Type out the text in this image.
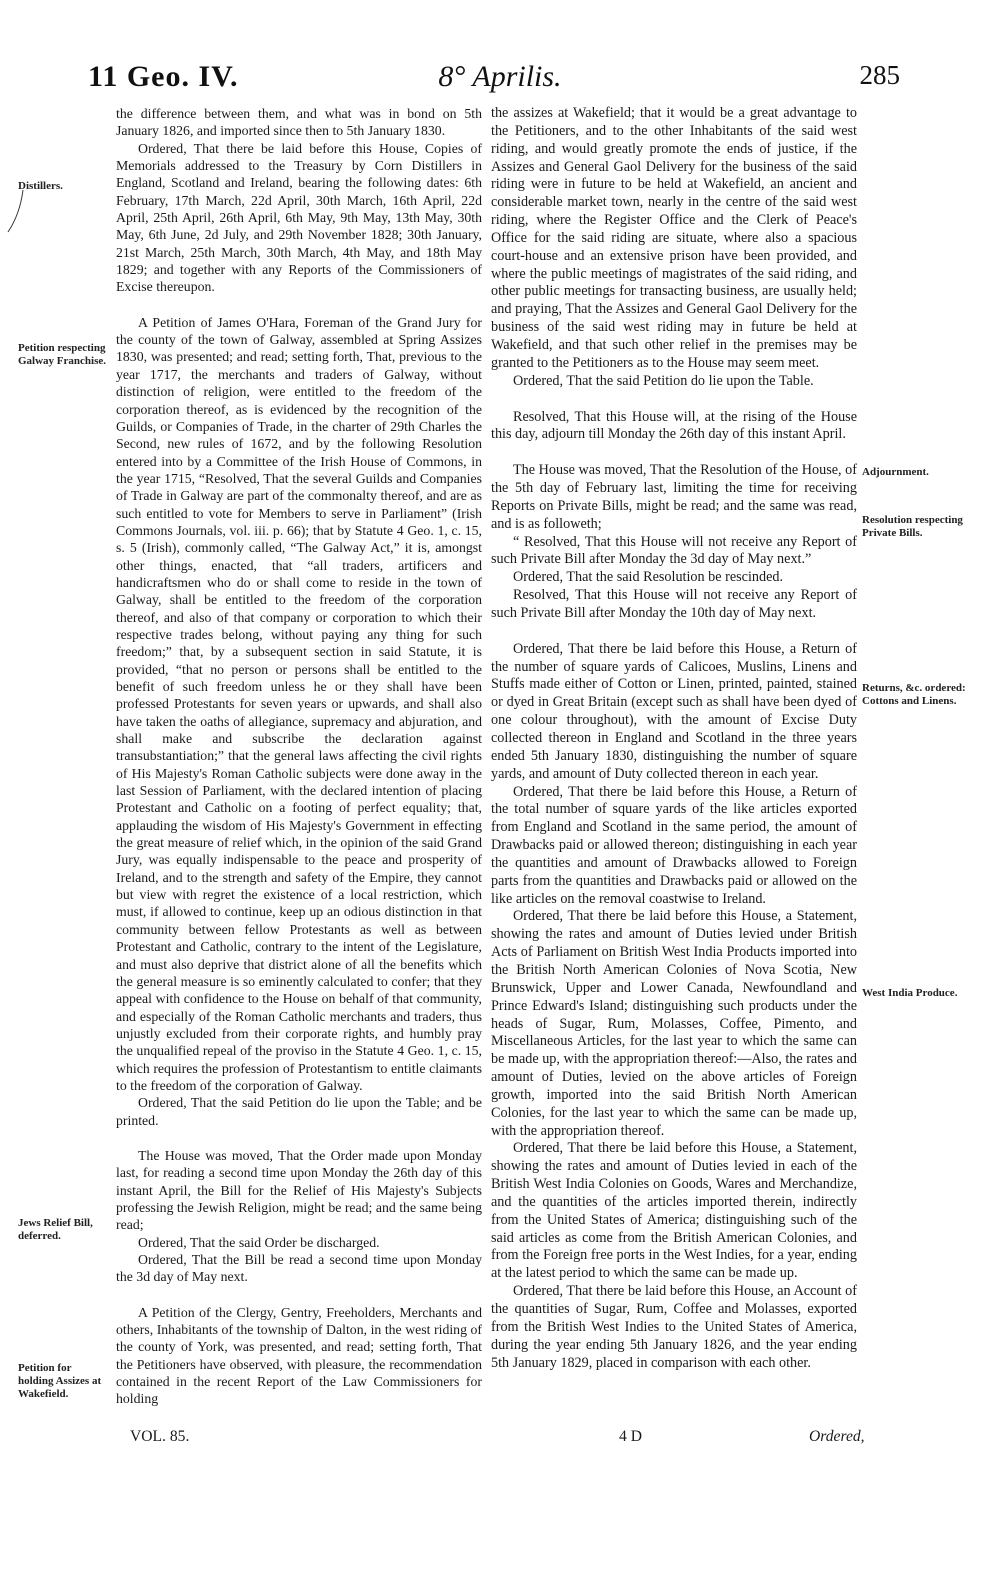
11 Geo. IV.	8° Aprilis.	285
Distillers.
Petition respecting Galway Franchise.
Jews Relief Bill, deferred.
Petition for holding Assizes at Wakefield.
Adjournment.
Resolution respecting Private Bills.
Returns, &c. ordered: Cottons and Linens.
West India Produce.

the difference between them, and what was in bond on 5th January 1826, and imported since then to 5th January 1830.

Ordered, That there be laid before this House, Copies of Memorials addressed to the Treasury by Corn Distillers in England, Scotland and Ireland, bearing the following dates: 6th February, 17th March, 22d April, 30th March, 16th April, 22d April, 25th April, 26th April, 6th May, 9th May, 13th May, 30th May, 6th June, 2d July, and 29th November 1828; 30th January, 21st March, 25th March, 30th March, 4th May, and 18th May 1829; and together with any Reports of the Commissioners of Excise thereupon.

A Petition of James O'Hara, Foreman of the Grand Jury for the county of the town of Galway, assembled at Spring Assizes 1830, was presented; and read; setting forth, That, previous to the year 1717, the merchants and traders of Galway, without distinction of religion, were entitled to the freedom of the corporation thereof, as is evidenced by the recognition of the Guilds, or Companies of Trade, in the charter of 29th Charles the Second, new rules of 1672, and by the following Resolution entered into by a Committee of the Irish House of Commons, in the year 1715, “Resolved, That the several Guilds and Companies of Trade in Galway are part of the commonalty thereof, and are as such entitled to vote for Members to serve in Parliament” (Irish Commons Journals, vol. iii. p. 66); that by Statute 4 Geo. 1, c. 15, s. 5 (Irish), commonly called, “The Galway Act,” it is, amongst other things, enacted, that “all traders, artificers and handicraftsmen who do or shall come to reside in the town of Galway, shall be entitled to the freedom of the corporation thereof, and also of that company or corporation to which their respective trades belong, without paying any thing for such freedom;” that, by a subsequent section in said Statute, it is provided, “that no person or persons shall be entitled to the benefit of such freedom unless he or they shall have been professed Protestants for seven years or upwards, and shall also have taken the oaths of allegiance, supremacy and abjuration, and shall make and subscribe the declaration against transubstantiation;” that the general laws affecting the civil rights of His Majesty's Roman Catholic subjects were done away in the last Session of Parliament, with the declared intention of placing Protestant and Catholic on a footing of perfect equality; that, applauding the wisdom of His Majesty's Government in effecting the great measure of relief which, in the opinion of the said Grand Jury, was equally indispensable to the peace and prosperity of Ireland, and to the strength and safety of the Empire, they cannot but view with regret the existence of a local restriction, which must, if allowed to continue, keep up an odious distinction in that community between fellow Protestants as well as between Protestant and Catholic, contrary to the intent of the Legislature, and must also deprive that district alone of all the benefits which the general measure is so eminently calculated to confer; that they appeal with confidence to the House on behalf of that community, and especially of the Roman Catholic merchants and traders, thus unjustly excluded from their corporate rights, and humbly pray the unqualified repeal of the proviso in the Statute 4 Geo. 1, c. 15, which requires the profession of Protestantism to entitle claimants to the freedom of the corporation of Galway.

Ordered, That the said Petition do lie upon the Table; and be printed.

The House was moved, That the Order made upon Monday last, for reading a second time upon Monday the 26th day of this instant April, the Bill for the Relief of His Majesty's Subjects professing the Jewish Religion, might be read; and the same being read;

Ordered, That the said Order be discharged.

Ordered, That the Bill be read a second time upon Monday the 3d day of May next.

A Petition of the Clergy, Gentry, Freeholders, Merchants and others, Inhabitants of the township of Dalton, in the west riding of the county of York, was presented, and read; setting forth, That the Petitioners have observed, with pleasure, the recommendation contained in the recent Report of the Law Commissioners for holding

the assizes at Wakefield; that it would be a great advantage to the Petitioners, and to the other Inhabitants of the said west riding, and would greatly promote the ends of justice, if the Assizes and General Gaol Delivery for the business of the said riding were in future to be held at Wakefield, an ancient and considerable market town, nearly in the centre of the said west riding, where the Register Office and the Clerk of Peace's Office for the said riding are situate, where also a spacious court-house and an extensive prison have been provided, and where the public meetings of magistrates of the said riding, and other public meetings for transacting business, are usually held; and praying, That the Assizes and General Gaol Delivery for the business of the said west riding may in future be held at Wakefield, and that such other relief in the premises may be granted to the Petitioners as to the House may seem meet.

Ordered, That the said Petition do lie upon the Table.

Resolved, That this House will, at the rising of the House this day, adjourn till Monday the 26th day of this instant April.

The House was moved, That the Resolution of the House, of the 5th day of February last, limiting the time for receiving Reports on Private Bills, might be read; and the same was read, and is as followeth;

“ Resolved, That this House will not receive any Report of such Private Bill after Monday the 3d day of May next.”

Ordered, That the said Resolution be rescinded.

Resolved, That this House will not receive any Report of such Private Bill after Monday the 10th day of May next.

Ordered, That there be laid before this House, a Return of the number of square yards of Calicoes, Muslins, Linens and Stuffs made either of Cotton or Linen, printed, painted, stained or dyed in Great Britain (except such as shall have been dyed of one colour throughout), with the amount of Excise Duty collected thereon in England and Scotland in the three years ended 5th January 1830, distinguishing the number of square yards, and amount of Duty collected thereon in each year.

Ordered, That there be laid before this House, a Return of the total number of square yards of the like articles exported from England and Scotland in the same period, the amount of Drawbacks paid or allowed thereon; distinguishing in each year the quantities and amount of Drawbacks allowed to Foreign parts from the quantities and Drawbacks paid or allowed on the like articles on the removal coastwise to Ireland.

Ordered, That there be laid before this House, a Statement, showing the rates and amount of Duties levied under British Acts of Parliament on British West India Products imported into the British North American Colonies of Nova Scotia, New Brunswick, Upper and Lower Canada, Newfoundland and Prince Edward's Island; distinguishing such products under the heads of Sugar, Rum, Molasses, Coffee, Pimento, and Miscellaneous Articles, for the last year to which the same can be made up, with the appropriation thereof:—Also, the rates and amount of Duties, levied on the above articles of Foreign growth, imported into the said British North American Colonies, for the last year to which the same can be made up, with the appropriation thereof.

Ordered, That there be laid before this House, a Statement, showing the rates and amount of Duties levied in each of the British West India Colonies on Goods, Wares and Merchandize, and the quantities of the articles imported therein, indirectly from the United States of America; distinguishing such of the said articles as come from the British American Colonies, and from the Foreign free ports in the West Indies, for a year, ending at the latest period to which the same can be made up.

Ordered, That there be laid before this House, an Account of the quantities of Sugar, Rum, Coffee and Molasses, exported from the British West Indies to the United States of America, during the year ending 5th January 1826, and the year ending 5th January 1829, placed in comparison with each other.

VOL. 85.	4 D	Ordered,
